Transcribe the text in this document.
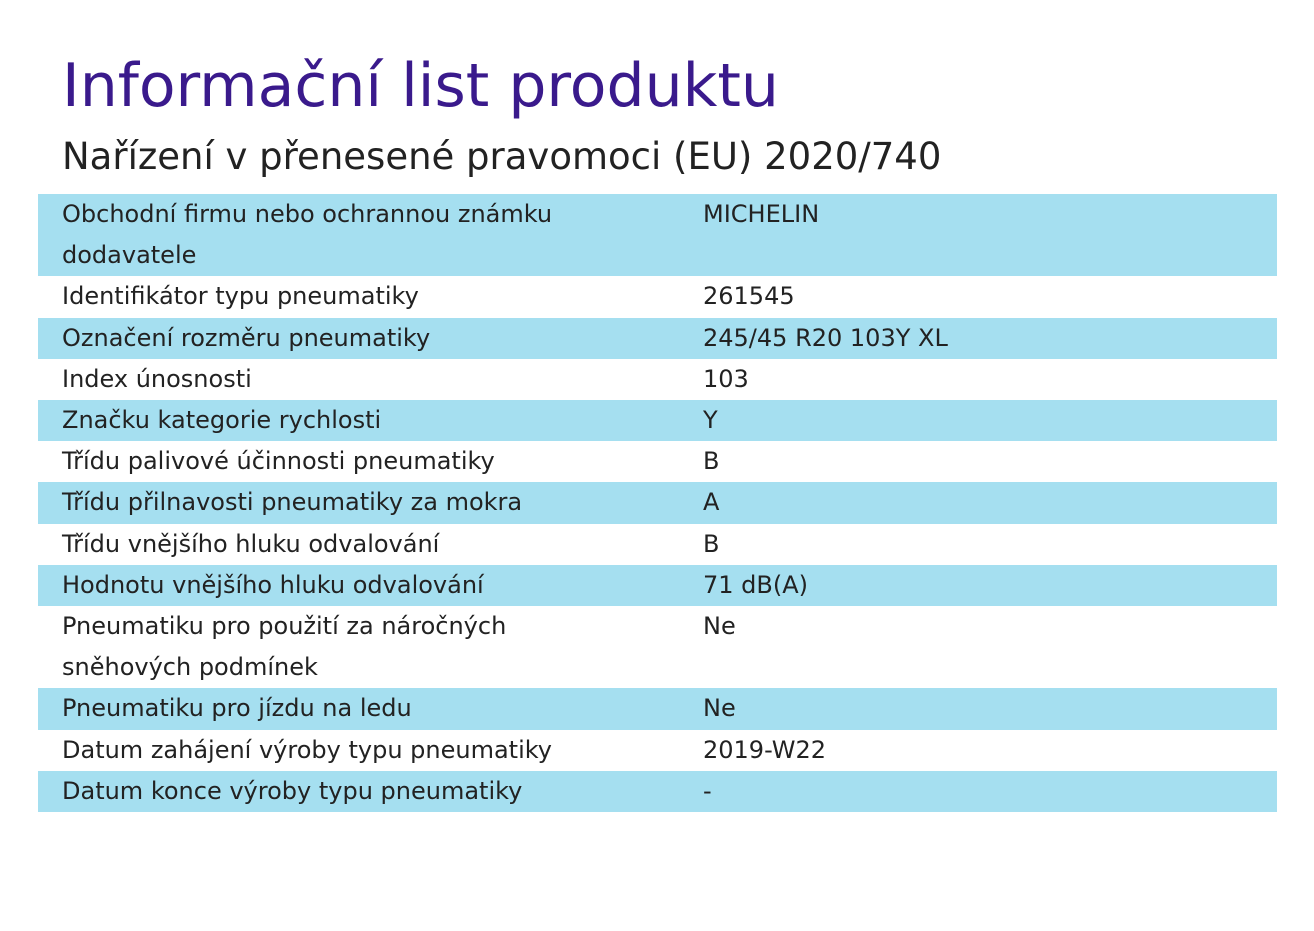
Informační list produktu
Nařízení v přenesené pravomoci (EU) 2020/740
Obchodní firmu nebo ochrannou známku dodavatele	MICHELIN

Identifikátor typu pneumatiky	261545

Označení rozměru pneumatiky	245/45 R20 103Y XL

Index únosnosti	103

Značku kategorie rychlosti	Y

Třídu palivové účinnosti pneumatiky	B

Třídu přilnavosti pneumatiky za mokra	A

Třídu vnějšího hluku odvalování	B

Hodnotu vnějšího hluku odvalování	71 dB(A)

Pneumatiku pro použití za náročných sněhových podmínek	Ne

Pneumatiku pro jízdu na ledu	Ne

Datum zahájení výroby typu pneumatiky	2019-W22

Datum konce výroby typu pneumatiky	-
